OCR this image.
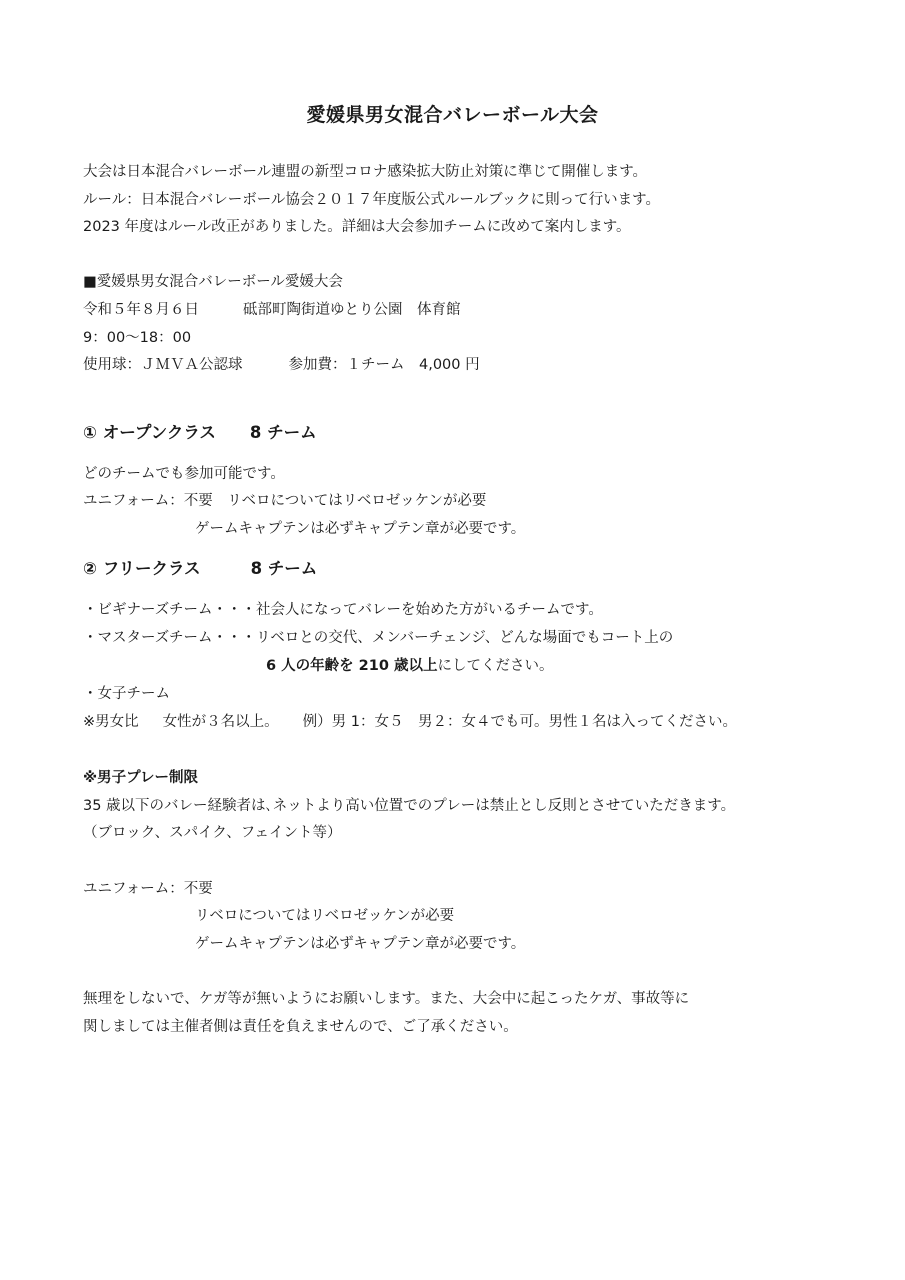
愛媛県男女混合バレーボール大会

大会は日本混合バレーボール連盟の新型コロナ感染拡大防止対策に準じて開催します。

ルール：日本混合バレーボール協会２０１７年度版公式ルールブックに則って行います。

2023 年度はルール改正がありました。詳細は大会参加チームに改めて案内します。

■愛媛県男女混合バレーボール愛媛大会

令和５年８月６日	砥部町陶街道ゆとり公園　体育館

9：00～18：00

使用球：ＪＭＶＡ公認球	参加費：１チーム　4,000 円

① オープンクラス 8 チーム

どのチームでも参加可能です。

ユニフォーム：不要　リベロについてはリベロゼッケンが必要

ゲームキャプテンは必ずキャプテン章が必要です。

② フリークラス	8 チーム

・ビギナーズチーム・・・社会人になってバレーを始めた方がいるチームです。

・マスターズチーム・・・リベロとの交代、メンバーチェンジ、どんな場面でもコート上の

6 人の年齢を 210 歳以上にしてください。

・女子チーム

※男女比 女性が３名以上。 例）男 1：女５　男２：女４でも可。男性１名は入ってください。

※男子プレー制限

35 歳以下のバレー経験者は､ネットより高い位置でのプレーは禁止とし反則とさせていただきます。

（ブロック、スパイク、フェイント等）

ユニフォーム：不要

リベロについてはリベロゼッケンが必要

ゲームキャプテンは必ずキャプテン章が必要です。

無理をしないで、ケガ等が無いようにお願いします。また、大会中に起こったケガ、事故等に

関しましては主催者側は責任を負えませんので、ご了承ください。
